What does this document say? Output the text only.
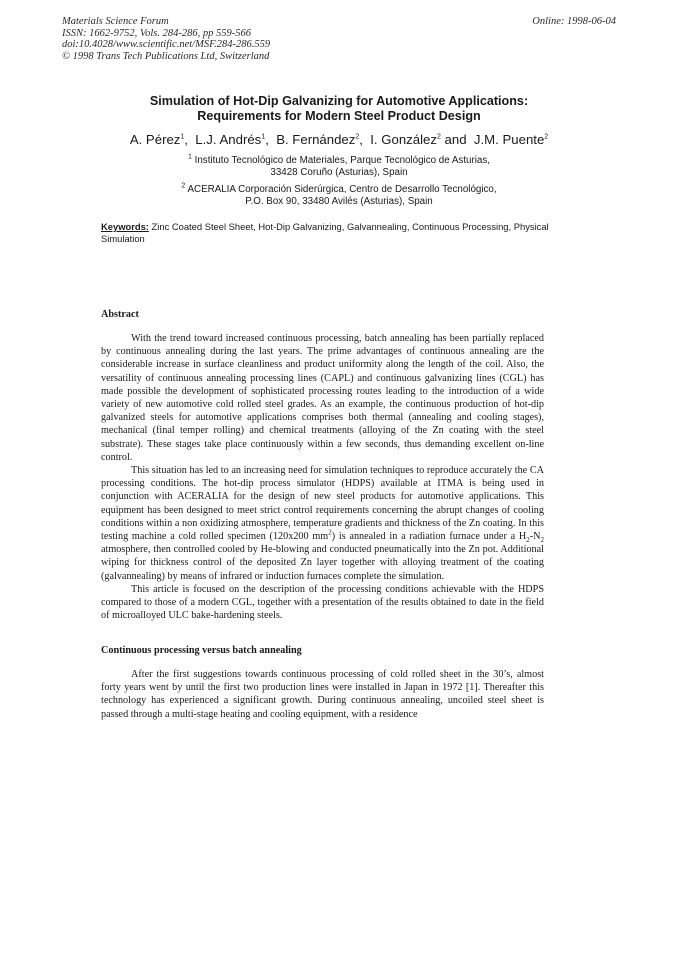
Materials Science Forum
ISSN: 1662-9752, Vols. 284-286, pp 559-566
doi:10.4028/www.scientific.net/MSF.284-286.559
© 1998 Trans Tech Publications Ltd, Switzerland
Online: 1998-06-04
Simulation of Hot-Dip Galvanizing for Automotive Applications:
Requirements for Modern Steel Product Design
A. Pérez$^1$,  L.J. Andrés$^1$,  B. Fernández$^2$,  I. González$^2$ and  J.M. Puente$^2$
$^1$ Instituto Tecnológico de Materiales, Parque Tecnológico de Asturias,
33428 Coruño (Asturias), Spain
$^2$ ACERALIA Corporación Siderúrgica, Centro de Desarrollo Tecnológico,
P.O. Box 90, 33480 Avilés (Asturias), Spain
Keywords: Zinc Coated Steel Sheet, Hot-Dip Galvanizing, Galvannealing, Continuous Processing, Physical Simulation
Abstract

With the trend toward increased continuous processing, batch annealing has been partially replaced by continuous annealing during the last years. The prime advantages of continuous annealing are the considerable increase in surface cleanliness and product uniformity along the length of the coil. Also, the versatility of continuous annealing processing lines (CAPL) and continuous galvanizing lines (CGL) has made possible the development of sophisticated processing routes leading to the introduction of a wide variety of new automotive cold rolled steel grades. As an example, the continuous production of hot-dip galvanized steels for automotive applications comprises both thermal (annealing and cooling stages), mechanical (final temper rolling) and chemical treatments (alloying of the Zn coating with the steel substrate). These stages take place continuously within a few seconds, thus demanding excellent on-line control.

This situation has led to an increasing need for simulation techniques to reproduce accurately the CA processing conditions. The hot-dip process simulator (HDPS) available at ITMA is being used in conjunction with ACERALIA for the design of new steel products for automotive applications. This equipment has been designed to meet strict control requirements concerning the abrupt changes of cooling conditions within a non oxidizing atmosphere, temperature gradients and thickness of the Zn coating. In this testing machine a cold rolled specimen (120x200 $mm^2$) is annealed in a radiation furnace under a $H_2-N_2$ atmosphere, then controlled cooled by He-blowing and conducted pneumatically into the Zn pot. Additional wiping for thickness control of the deposited Zn layer together with alloying treatment of the coating (galvannealing) by means of infrared or induction furnaces complete the simulation.

This article is focused on the description of the processing conditions achievable with the HDPS compared to those of a modern CGL, together with a presentation of the results obtained to date in the field of microalloyed ULC bake-hardening steels.

Continuous processing versus batch annealing

After the first suggestions towards continuous processing of cold rolled sheet in the 30’s, almost forty years went by until the first two production lines were installed in Japan in 1972 [1]. Thereafter this technology has experienced a significant growth. During continuous annealing, uncoiled steel sheet is passed through a multi-stage heating and cooling equipment, with a residence
